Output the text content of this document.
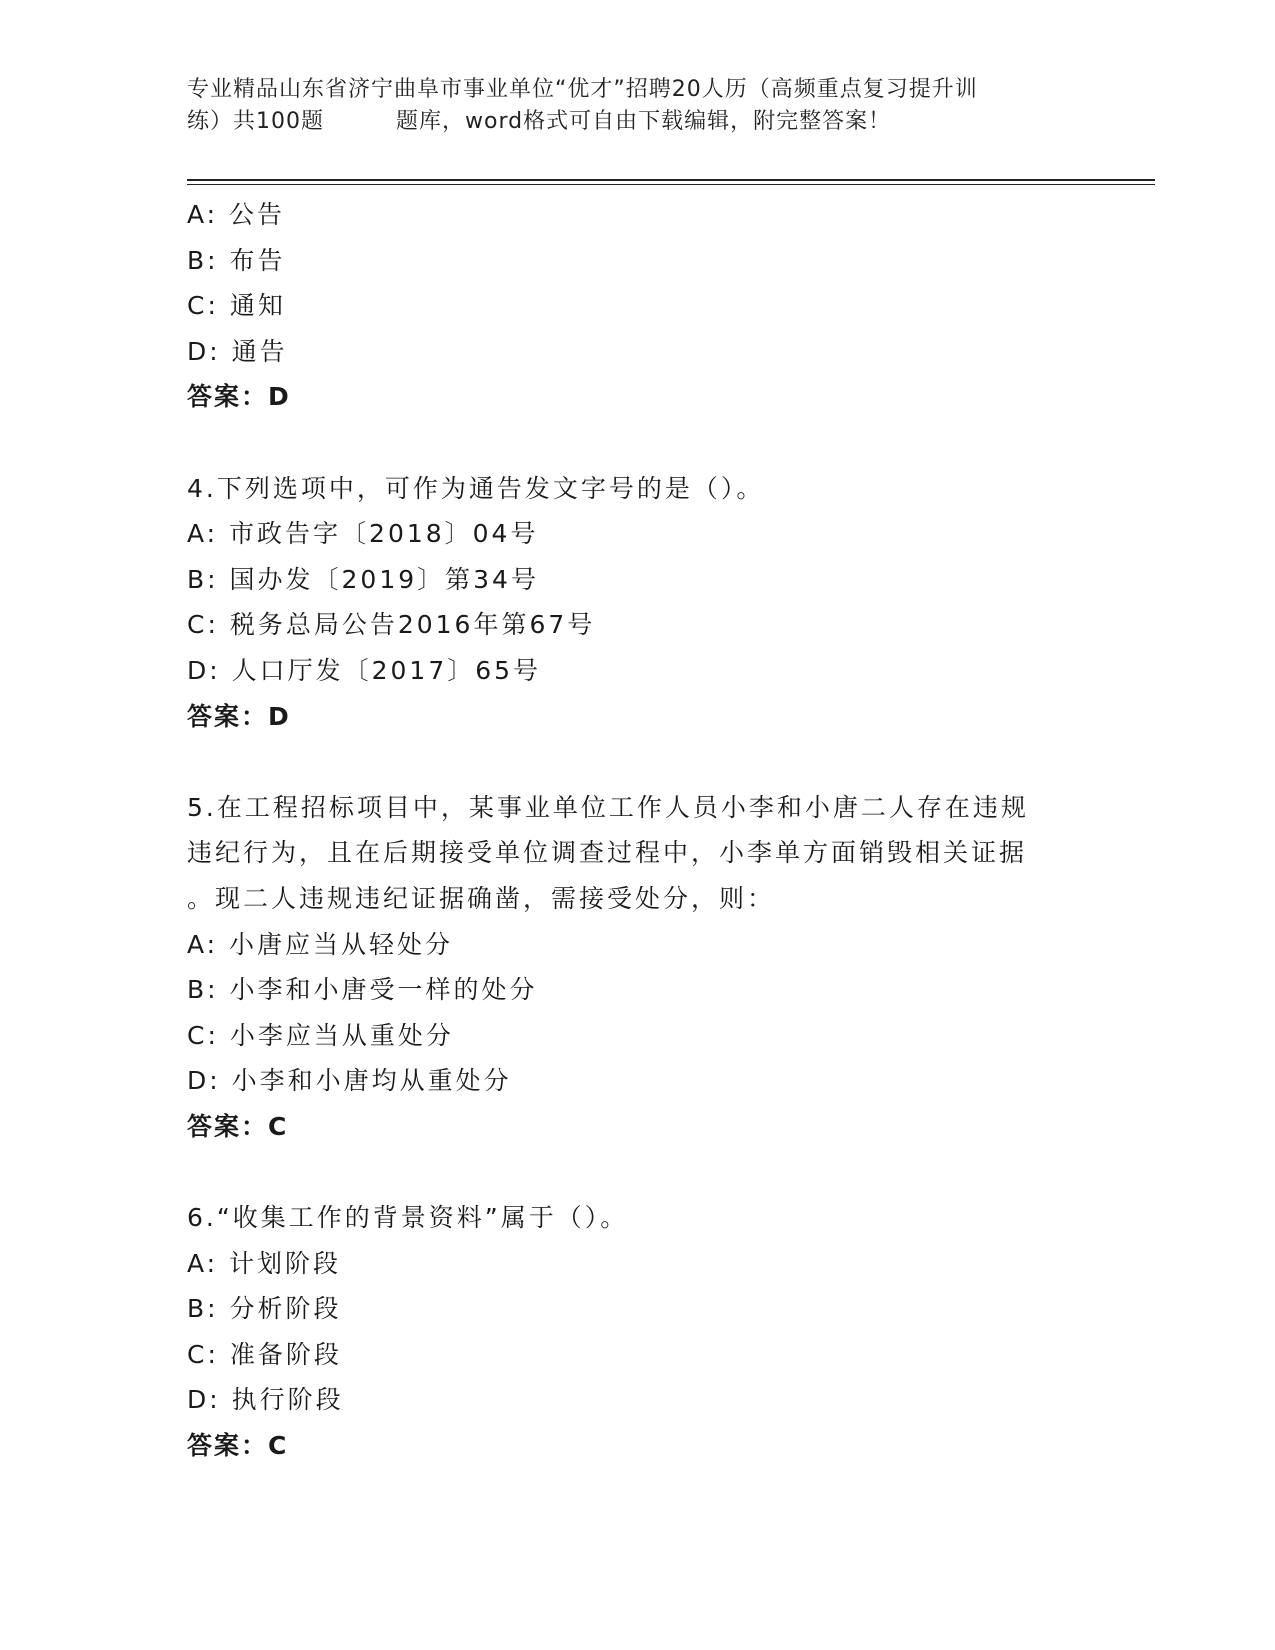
专业精品山东省济宁曲阜市事业单位“优才”招聘20人历（高频重点复习提升训
练）共100题	题库，word格式可自由下载编辑，附完整答案！
A: 公告
B: 布告
C: 通知
D: 通告
答案：D
4.下列选项中，可作为通告发文字号的是（）。
A: 市政告字〔2018〕04号
B: 国办发〔2019〕第34号
C: 税务总局公告2016年第67号
D: 人口厅发〔2017〕65号
答案：D
5.在工程招标项目中，某事业单位工作人员小李和小唐二人存在违规
违纪行为，且在后期接受单位调查过程中，小李单方面销毁相关证据
。现二人违规违纪证据确凿，需接受处分，则：
A: 小唐应当从轻处分
B: 小李和小唐受一样的处分
C: 小李应当从重处分
D: 小李和小唐均从重处分
答案：C
6.“收集工作的背景资料”属于（）。
A: 计划阶段
B: 分析阶段
C: 准备阶段
D: 执行阶段
答案：C
